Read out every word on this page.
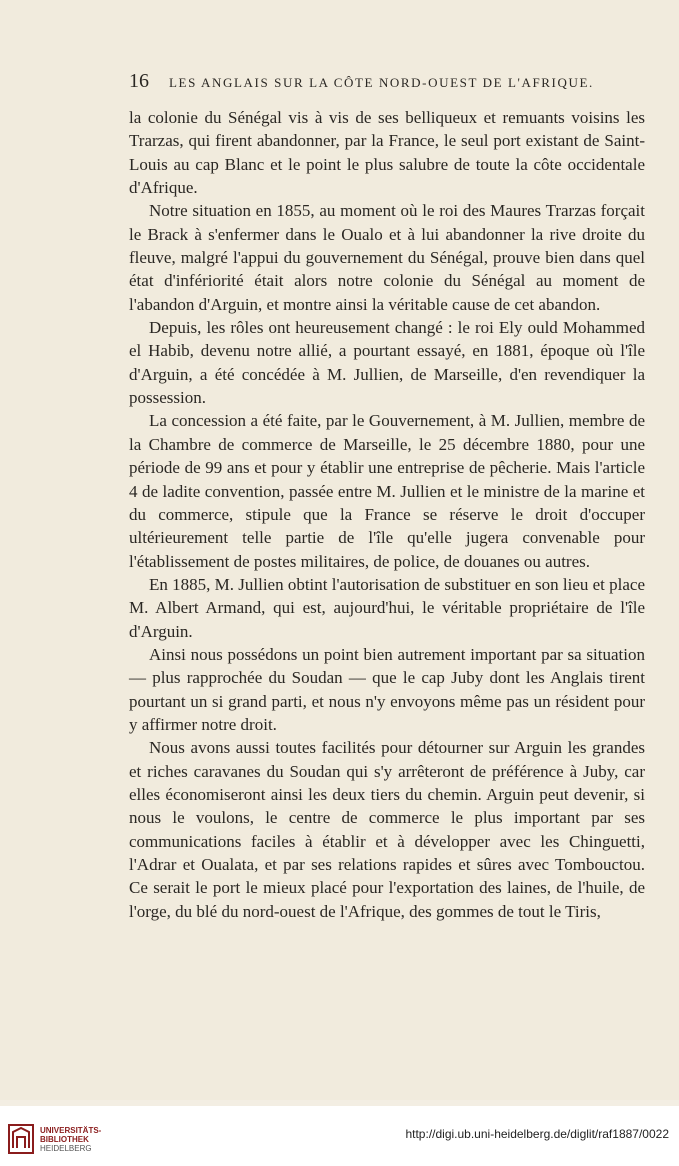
16	LES ANGLAIS SUR LA CÔTE NORD-OUEST DE L'AFRIQUE.

la colonie du Sénégal vis à vis de ses belliqueux et remuants voisins les Trarzas, qui firent abandonner, par la France, le seul port existant de Saint-Louis au cap Blanc et le point le plus salubre de toute la côte occidentale d'Afrique.

Notre situation en 1855, au moment où le roi des Maures Trarzas forçait le Brack à s'enfermer dans le Oualo et à lui abandonner la rive droite du fleuve, malgré l'appui du gouvernement du Sénégal, prouve bien dans quel état d'infériorité était alors notre colonie du Sénégal au moment de l'abandon d'Arguin, et montre ainsi la véritable cause de cet abandon.

Depuis, les rôles ont heureusement changé : le roi Ely ould Mohammed el Habib, devenu notre allié, a pourtant essayé, en 1881, époque où l'île d'Arguin, a été concédée à M. Jullien, de Marseille, d'en revendiquer la possession.

La concession a été faite, par le Gouvernement, à M. Jullien, membre de la Chambre de commerce de Marseille, le 25 décembre 1880, pour une période de 99 ans et pour y établir une entreprise de pêcherie. Mais l'article 4 de ladite convention, passée entre M. Jullien et le ministre de la marine et du commerce, stipule que la France se réserve le droit d'occuper ultérieurement telle partie de l'île qu'elle jugera convenable pour l'établissement de postes militaires, de police, de douanes ou autres.

En 1885, M. Jullien obtint l'autorisation de substituer en son lieu et place M. Albert Armand, qui est, aujourd'hui, le véritable propriétaire de l'île d'Arguin.

Ainsi nous possédons un point bien autrement important par sa situation — plus rapprochée du Soudan — que le cap Juby dont les Anglais tirent pourtant un si grand parti, et nous n'y envoyons même pas un résident pour y affirmer notre droit.

Nous avons aussi toutes facilités pour détourner sur Arguin les grandes et riches caravanes du Soudan qui s'y arrêteront de préférence à Juby, car elles économiseront ainsi les deux tiers du chemin. Arguin peut devenir, si nous le voulons, le centre de commerce le plus important par ses communications faciles à établir et à développer avec les Chinguetti, l'Adrar et Oualata, et par ses relations rapides et sûres avec Tombouctou. Ce serait le port le mieux placé pour l'exportation des laines, de l'huile, de l'orge, du blé du nord-ouest de l'Afrique, des gommes de tout le Tiris,

UNIVERSITÄTS-
BIBLIOTHEK
HEIDELBERG
http://digi.ub.uni-heidelberg.de/diglit/raf1887/0022
